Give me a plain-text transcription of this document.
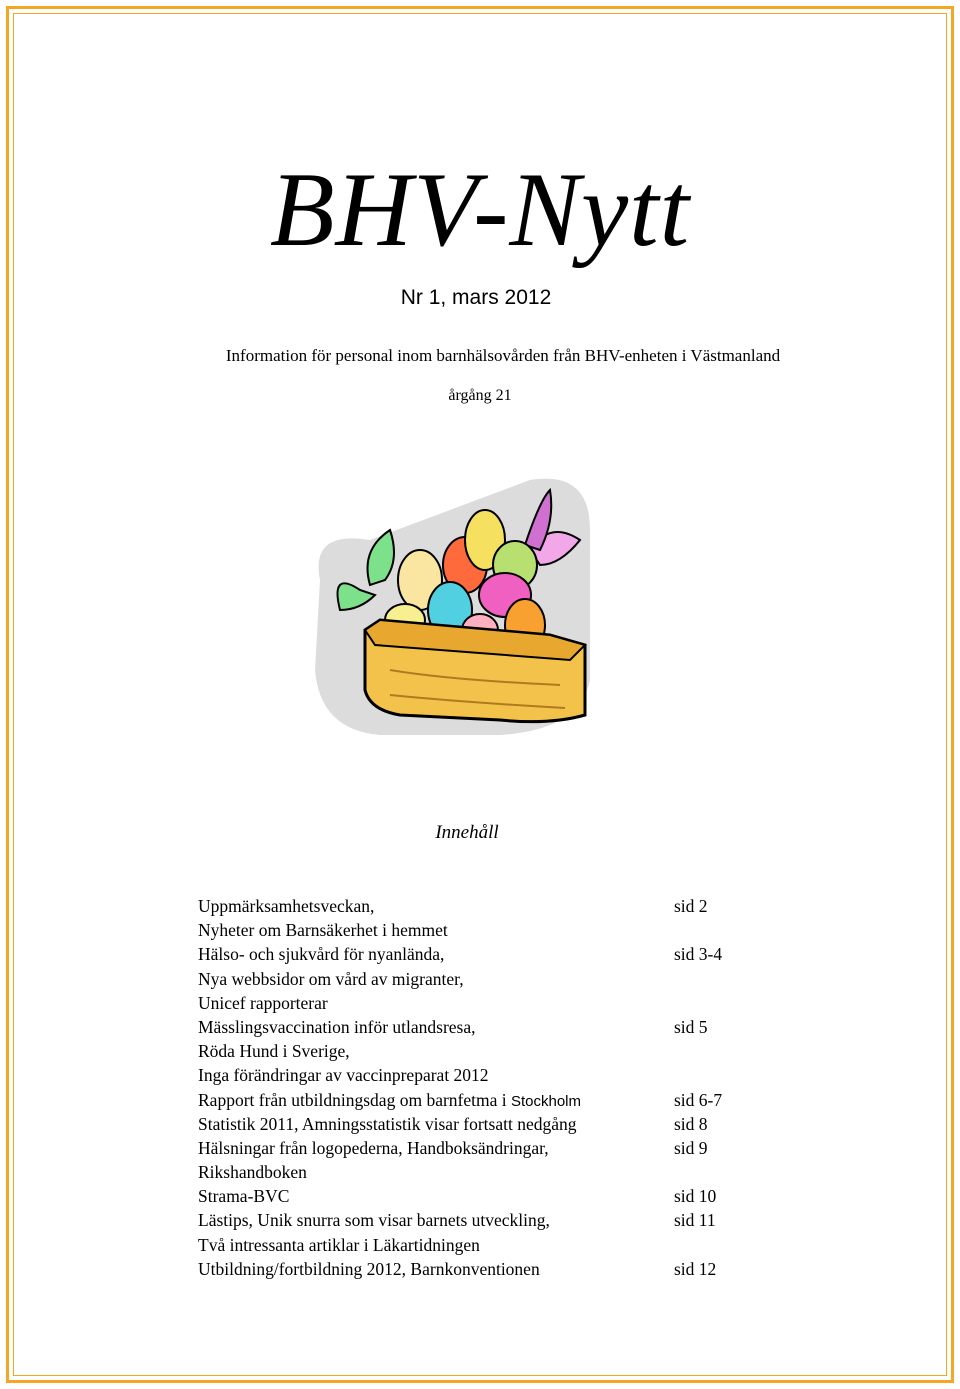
BHV-Nytt
Nr 1, mars 2012
Information för personal inom barnhälsovården från BHV-enheten i Västmanland
årgång 21
Innehåll
Uppmärksamhetsveckan,	sid 2
Nyheter om Barnsäkerhet i hemmet
Hälso- och sjukvård för nyanlända,	sid 3-4
Nya webbsidor om vård av migranter,
Unicef rapporterar
Mässlingsvaccination inför utlandsresa,	sid 5
Röda Hund i Sverige,
Inga förändringar av vaccinpreparat 2012
Rapport från utbildningsdag om barnfetma i Stockholm	sid 6-7
Statistik 2011, Amningsstatistik visar fortsatt nedgång	sid 8
Hälsningar från logopederna, Handboksändringar,	sid 9
Rikshandboken
Strama-BVC	sid 10
Lästips, Unik snurra som visar barnets utveckling,	sid 11
Två intressanta artiklar i Läkartidningen
Utbildning/fortbildning 2012, Barnkonventionen	sid 12
